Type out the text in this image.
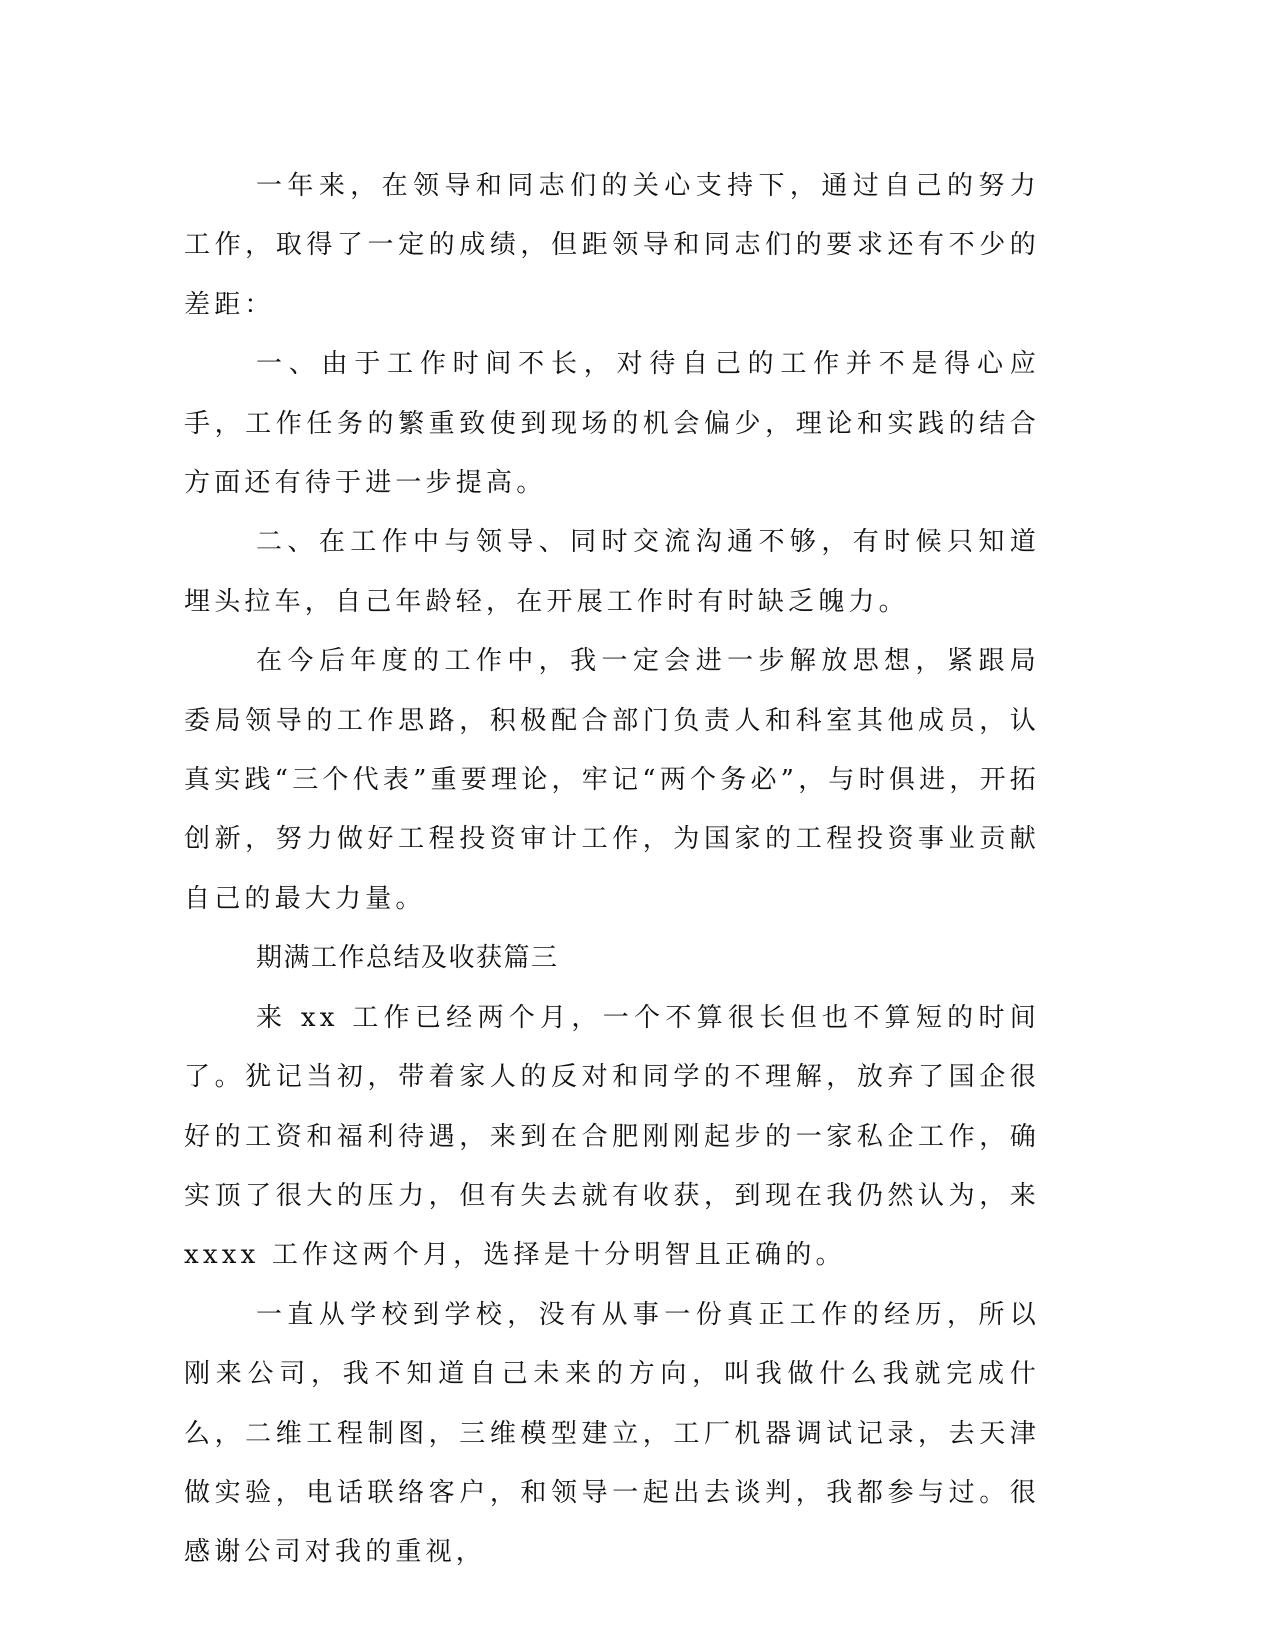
一年来，在领导和同志们的关心支持下，通过自己的努力工作，取得了一定的成绩，但距领导和同志们的要求还有不少的差距：

一、由于工作时间不长，对待自己的工作并不是得心应手，工作任务的繁重致使到现场的机会偏少，理论和实践的结合方面还有待于进一步提高。

二、在工作中与领导、同时交流沟通不够，有时候只知道埋头拉车，自己年龄轻，在开展工作时有时缺乏魄力。

在今后年度的工作中，我一定会进一步解放思想，紧跟局委局领导的工作思路，积极配合部门负责人和科室其他成员，认真实践“三个代表”重要理论，牢记“两个务必”，与时俱进，开拓创新，努力做好工程投资审计工作，为国家的工程投资事业贡献自己的最大力量。

期满工作总结及收获篇三

来 xx 工作已经两个月，一个不算很长但也不算短的时间了。犹记当初，带着家人的反对和同学的不理解，放弃了国企很好的工资和福利待遇，来到在合肥刚刚起步的一家私企工作，确实顶了很大的压力，但有失去就有收获，到现在我仍然认为，来 xxxx 工作这两个月，选择是十分明智且正确的。

一直从学校到学校，没有从事一份真正工作的经历，所以刚来公司，我不知道自己未来的方向，叫我做什么我就完成什么，二维工程制图，三维模型建立，工厂机器调试记录，去天津做实验，电话联络客户，和领导一起出去谈判，我都参与过。很感谢公司对我的重视，
